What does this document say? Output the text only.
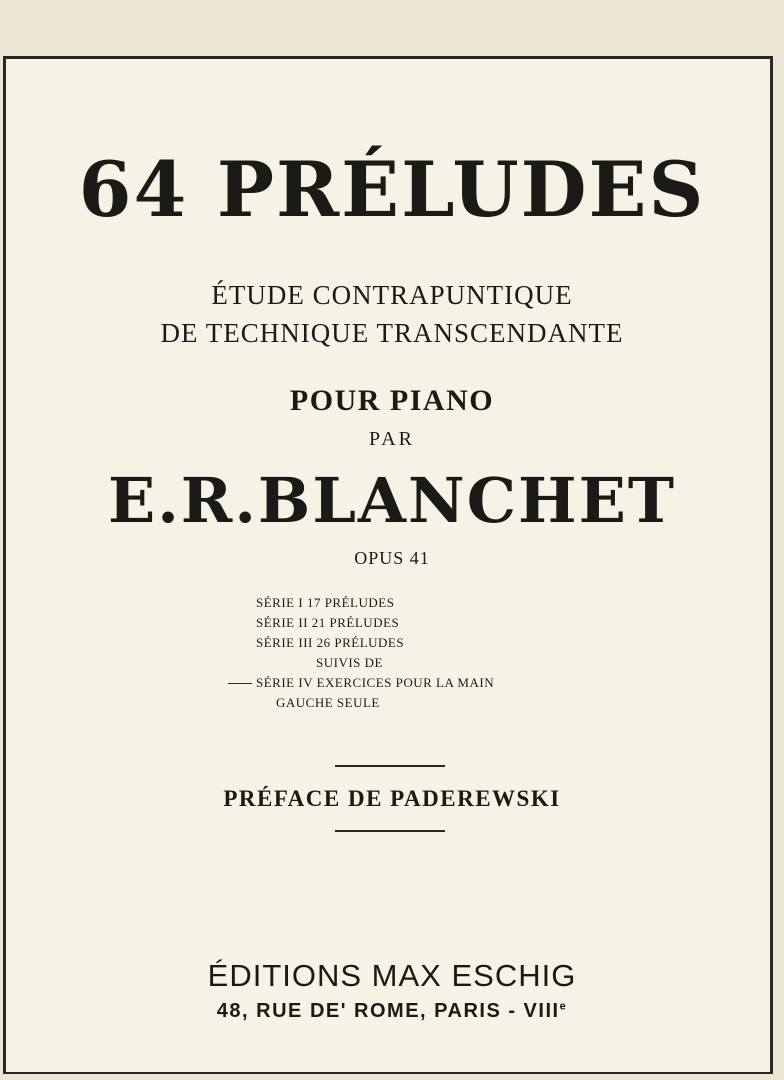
64 PRÉLUDES
ÉTUDE CONTRAPUNTIQUE
DE TECHNIQUE TRANSCENDANTE
POUR PIANO
PAR
E.R.BLANCHET
OPUS 41
SÉRIE I 17 PRÉLUDES
SÉRIE II 21 PRÉLUDES
SÉRIE III 26 PRÉLUDES
SUIVIS DE
SÉRIE IV EXERCICES POUR LA MAIN
GAUCHE SEULE
PRÉFACE DE PADEREWSKI
ÉDITIONS MAX ESCHIG
48, RUE DE' ROME, PARIS - VIIIe
